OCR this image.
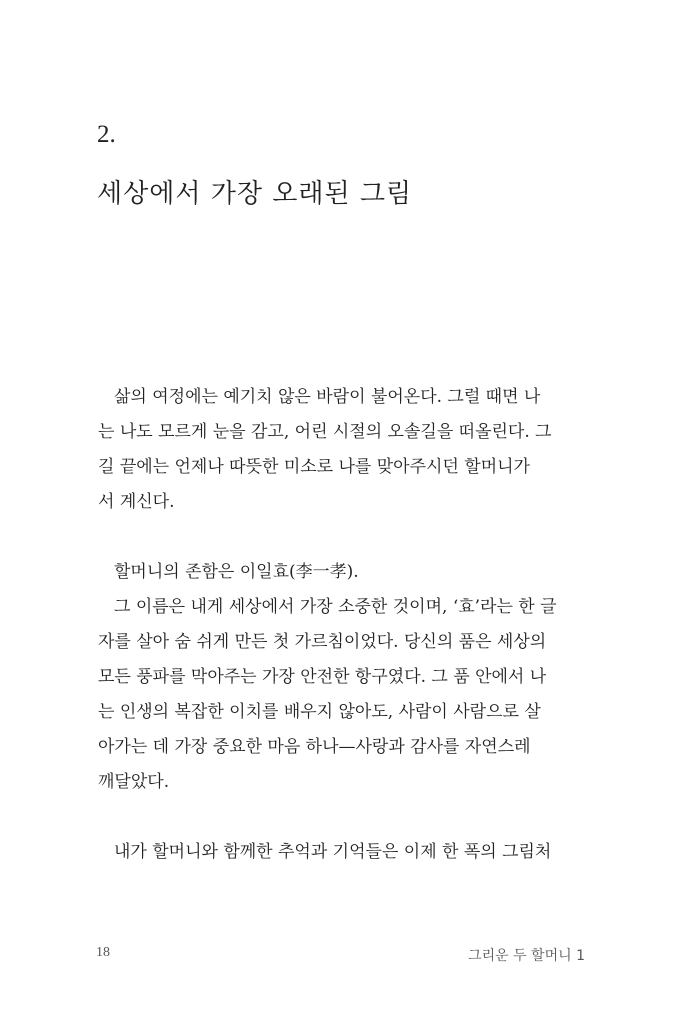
2.
세상에서 가장 오래된 그림
삶의 여정에는 예기치 않은 바람이 불어온다. 그럴 때면 나
는 나도 모르게 눈을 감고, 어린 시절의 오솔길을 떠올린다. 그
길 끝에는 언제나 따뜻한 미소로 나를 맞아주시던 할머니가
서 계신다.
할머니의 존함은 이일효(李一孝).
그 이름은 내게 세상에서 가장 소중한 것이며, ‘효’라는 한 글
자를 살아 숨 쉬게 만든 첫 가르침이었다. 당신의 품은 세상의
모든 풍파를 막아주는 가장 안전한 항구였다. 그 품 안에서 나
는 인생의 복잡한 이치를 배우지 않아도, 사람이 사람으로 살
아가는 데 가장 중요한 마음 하나—사랑과 감사를 자연스레
깨달았다.
내가 할머니와 함께한 추억과 기억들은 이제 한 폭의 그림처
18	그리운 두 할머니 1
